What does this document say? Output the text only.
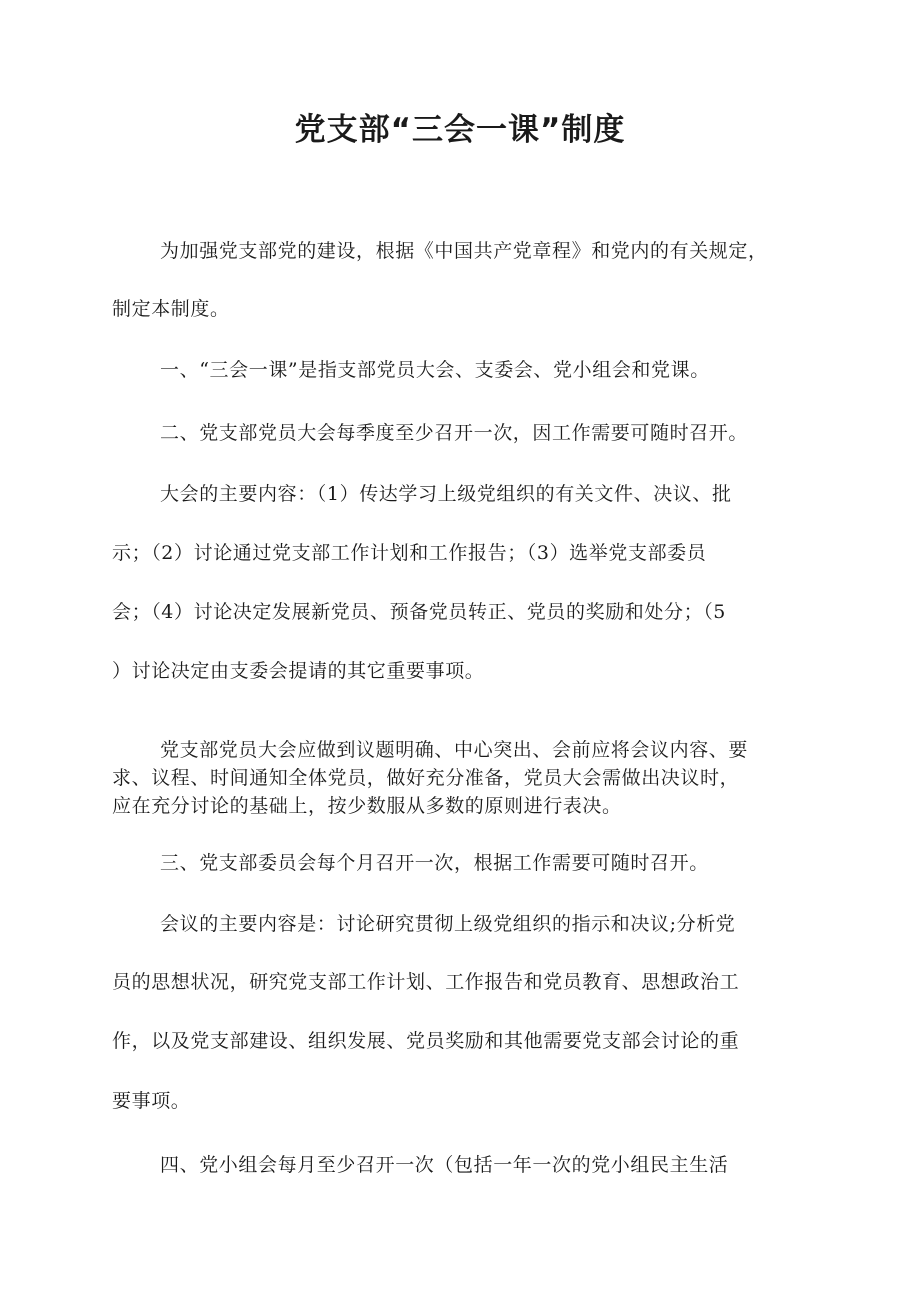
党支部“三会一课”制度

为加强党支部党的建设，根据《中国共产党章程》和党内的有关规定，

制定本制度。

一、“三会一课”是指支部党员大会、支委会、党小组会和党课。

二、党支部党员大会每季度至少召开一次，因工作需要可随时召开。

大会的主要内容：（1）传达学习上级党组织的有关文件、决议、批

示；（2）讨论通过党支部工作计划和工作报告；（3）选举党支部委员

会；（4）讨论决定发展新党员、预备党员转正、党员的奖励和处分；（5

）讨论决定由支委会提请的其它重要事项。

党支部党员大会应做到议题明确、中心突出、会前应将会议内容、要

求、议程、时间通知全体党员，做好充分准备，党员大会需做出决议时，

应在充分讨论的基础上，按少数服从多数的原则进行表决。

三、党支部委员会每个月召开一次，根据工作需要可随时召开。

会议的主要内容是：讨论研究贯彻上级党组织的指示和决议;分析党

员的思想状况，研究党支部工作计划、工作报告和党员教育、思想政治工

作，以及党支部建设、组织发展、党员奖励和其他需要党支部会讨论的重

要事项。

四、党小组会每月至少召开一次（包括一年一次的党小组民主生活
